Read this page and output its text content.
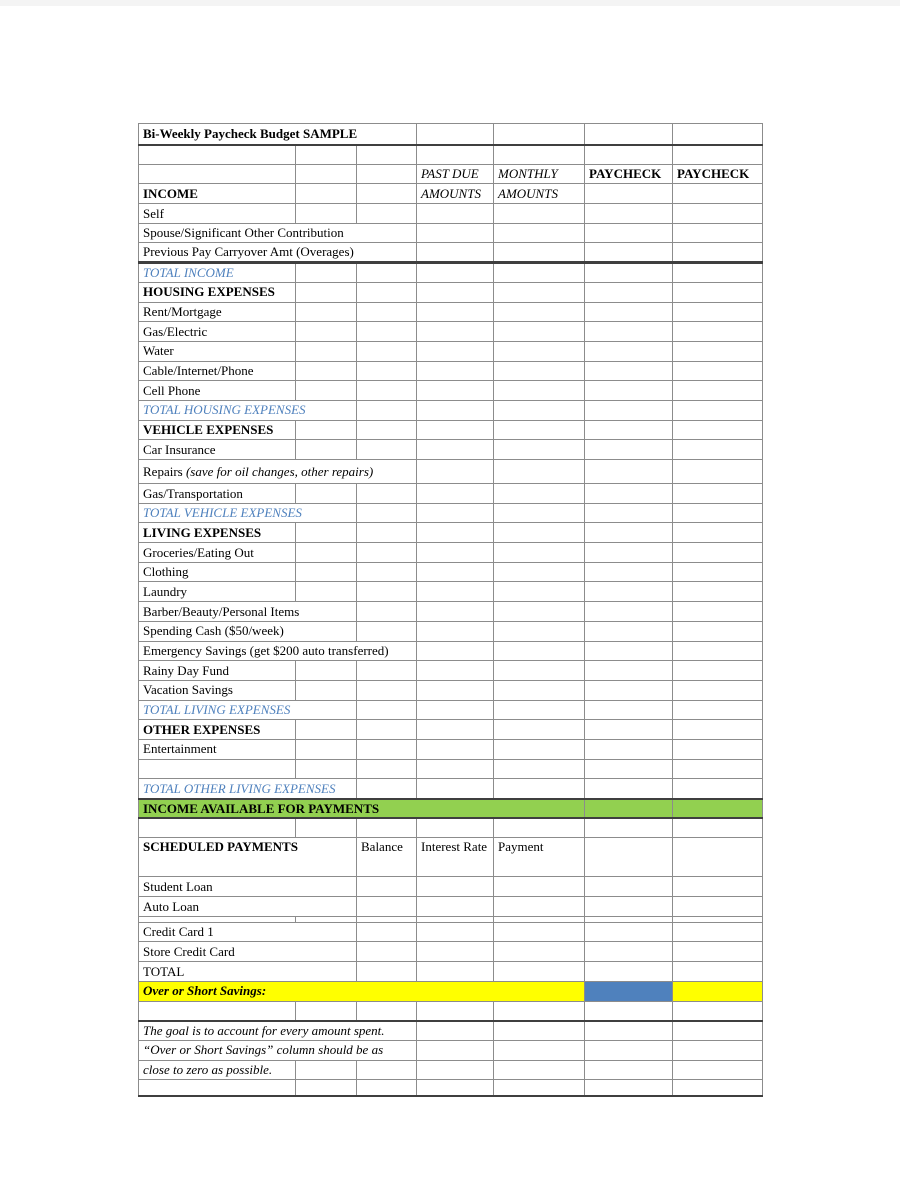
Bi-Weekly Paycheck Budget SAMPLE						

			PAST DUE	MONTHLY	PAYCHECK	PAYCHECK
INCOME			AMOUNTS	AMOUNTS		
Self						
Spouse/Significant Other Contribution						
Previous Pay Carryover Amt (Overages)						
TOTAL INCOME						
HOUSING EXPENSES						
Rent/Mortgage						
Gas/Electric						
Water						
Cable/Internet/Phone						
Cell Phone						
TOTAL HOUSING EXPENSES						
VEHICLE EXPENSES						
Car Insurance						
Repairs (save for oil changes, other repairs)						
Gas/Transportation						
TOTAL VEHICLE EXPENSES						
LIVING EXPENSES						
Groceries/Eating Out						
Clothing						
Laundry						
Barber/Beauty/Personal Items						
Spending Cash ($50/week)						
Emergency Savings (get $200 auto transferred)						
Rainy Day Fund						
Vacation Savings						
TOTAL LIVING EXPENSES						
OTHER EXPENSES						
Entertainment						

TOTAL OTHER LIVING EXPENSES						
INCOME AVAILABLE FOR PAYMENTS						

SCHEDULED PAYMENTS		Balance	Interest Rate	Payment		
Student Loan						
Auto Loan						

Credit Card 1						
Store Credit Card						
TOTAL						
Over or Short Savings:						

The goal is to account for every amount spent.						
“Over or Short Savings” column should be as						
close to zero as possible.						
